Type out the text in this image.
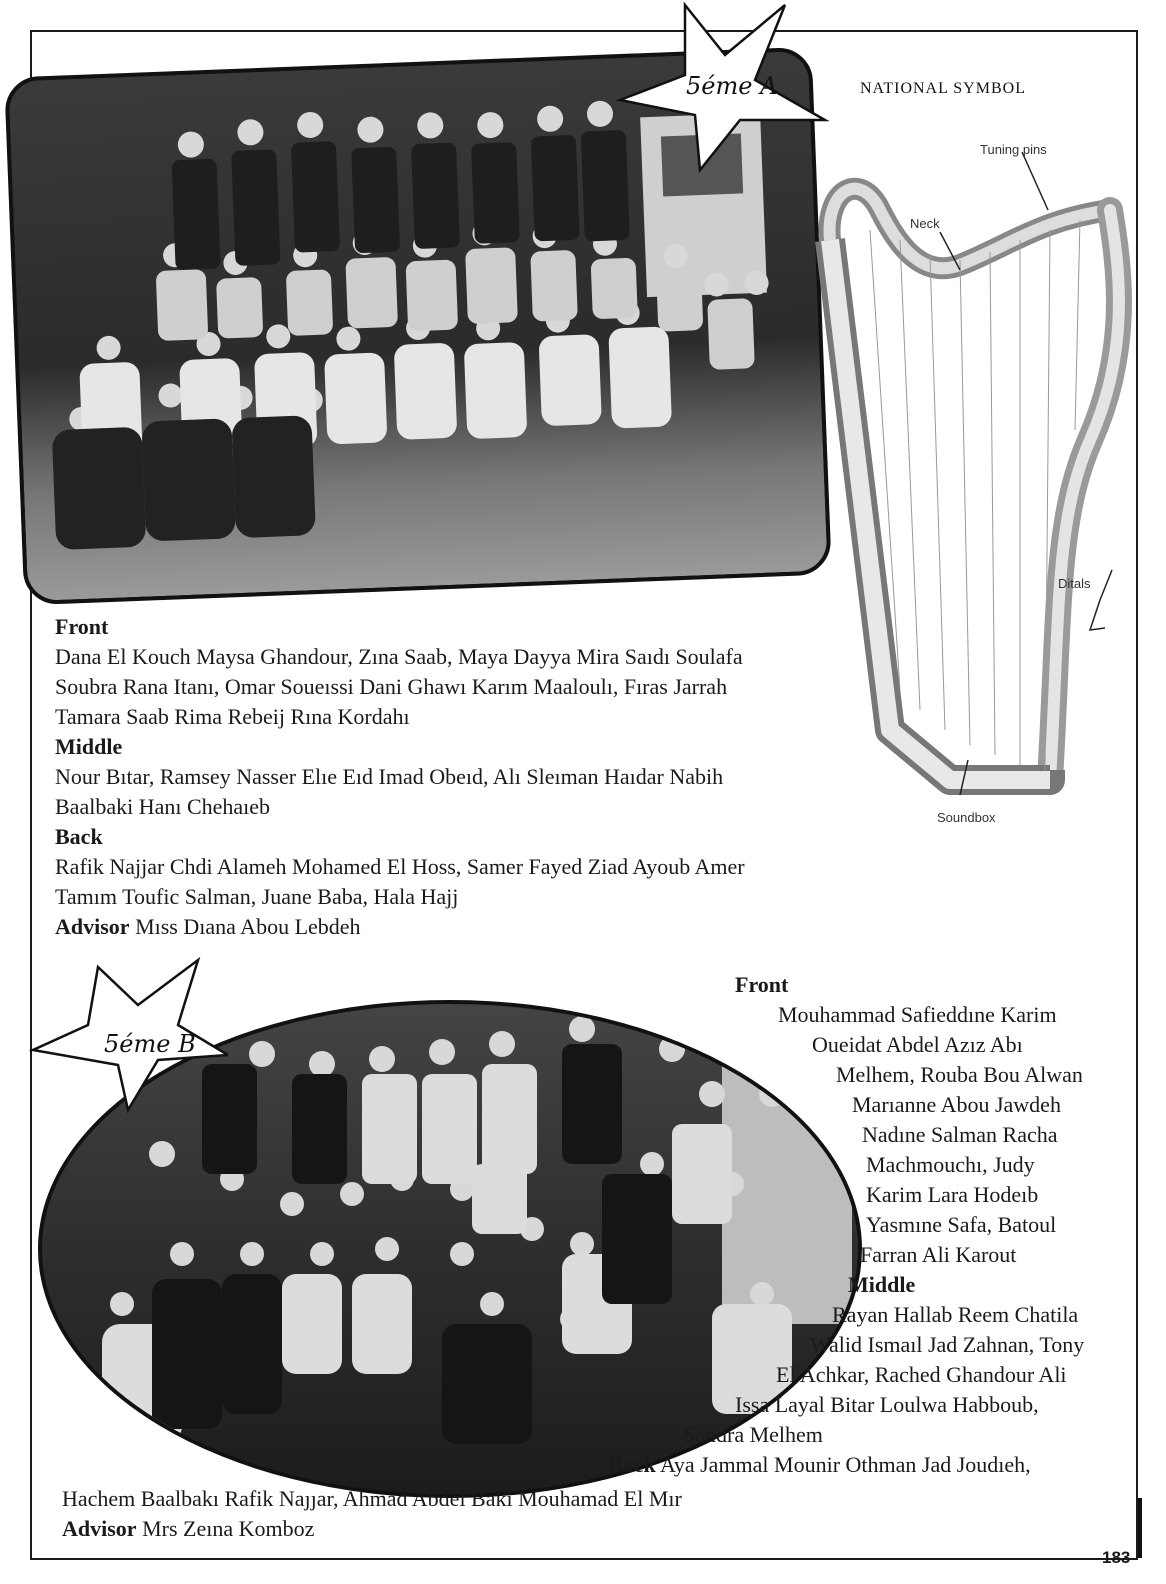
5éme A	NATIONAL SYMBOL
Tuning pins
Neck
Ditals
Soundbox
Front
Dana El Kouch Maysa Ghandour, Zına Saab, Maya Dayya Mira Saıdı Soulafa
Soubra Rana Itanı, Omar Soueıssi Dani Ghawı Karım Maaloulı, Fıras Jarrah
Tamara Saab Rima Rebeij Rına Kordahı
Middle
Nour Bıtar, Ramsey Nasser Elıe Eıd Imad Obeıd, Alı Sleıman Haıdar Nabih
Baalbaki Hanı Chehaıeb
Back
Rafik Najjar Chdi Alameh Mohamed El Hoss, Samer Fayed Ziad Ayoub Amer
Tamım Toufic Salman, Juane Baba, Hala Hajj
Advisor Mıss Dıana Abou Lebdeh
5éme B
Front
Mouhammad Safieddıne Karim
Oueidat Abdel Azız Abı
Melhem, Rouba Bou Alwan
Marıanne Abou Jawdeh
Nadıne Salman Racha
Machmouchı, Judy
Karim Lara Hodeıb
Yasmıne Safa, Batoul
Farran Ali Karout
Middle
Rayan Hallab Reem Chatila
Walid Ismaıl Jad Zahnan, Tony
El Achkar, Rached Ghandour Ali
Issa Layal Bitar Loulwa Habboub,
Sandra Melhem
Back Aya Jammal Mounir Othman Jad Joudıeh,
Hachem Baalbakı Rafik Naȷȷar, Ahmad Abdel Baki Mouhamad El Mır
Advisor Mrs Zeına Komboz
183
